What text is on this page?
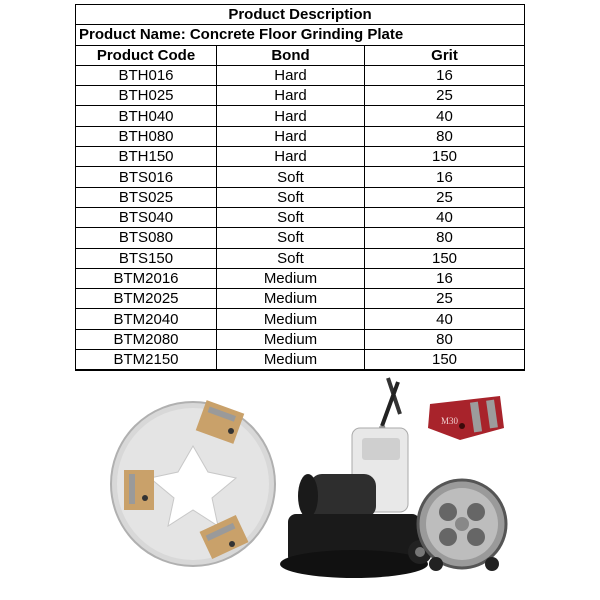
Product Description		
Product Name: Concrete Floor Grinding Plate		
Product Code	Bond	Grit
BTH016	Hard	16
BTH025	Hard	25
BTH040	Hard	40
BTH080	Hard	80
BTH150	Hard	150
BTS016	Soft	16
BTS025	Soft	25
BTS040	Soft	40
BTS080	Soft	80
BTS150	Soft	150
BTM2016	Medium	16
BTM2025	Medium	25
BTM2040	Medium	40
BTM2080	Medium	80
BTM2150	Medium	150
M30
